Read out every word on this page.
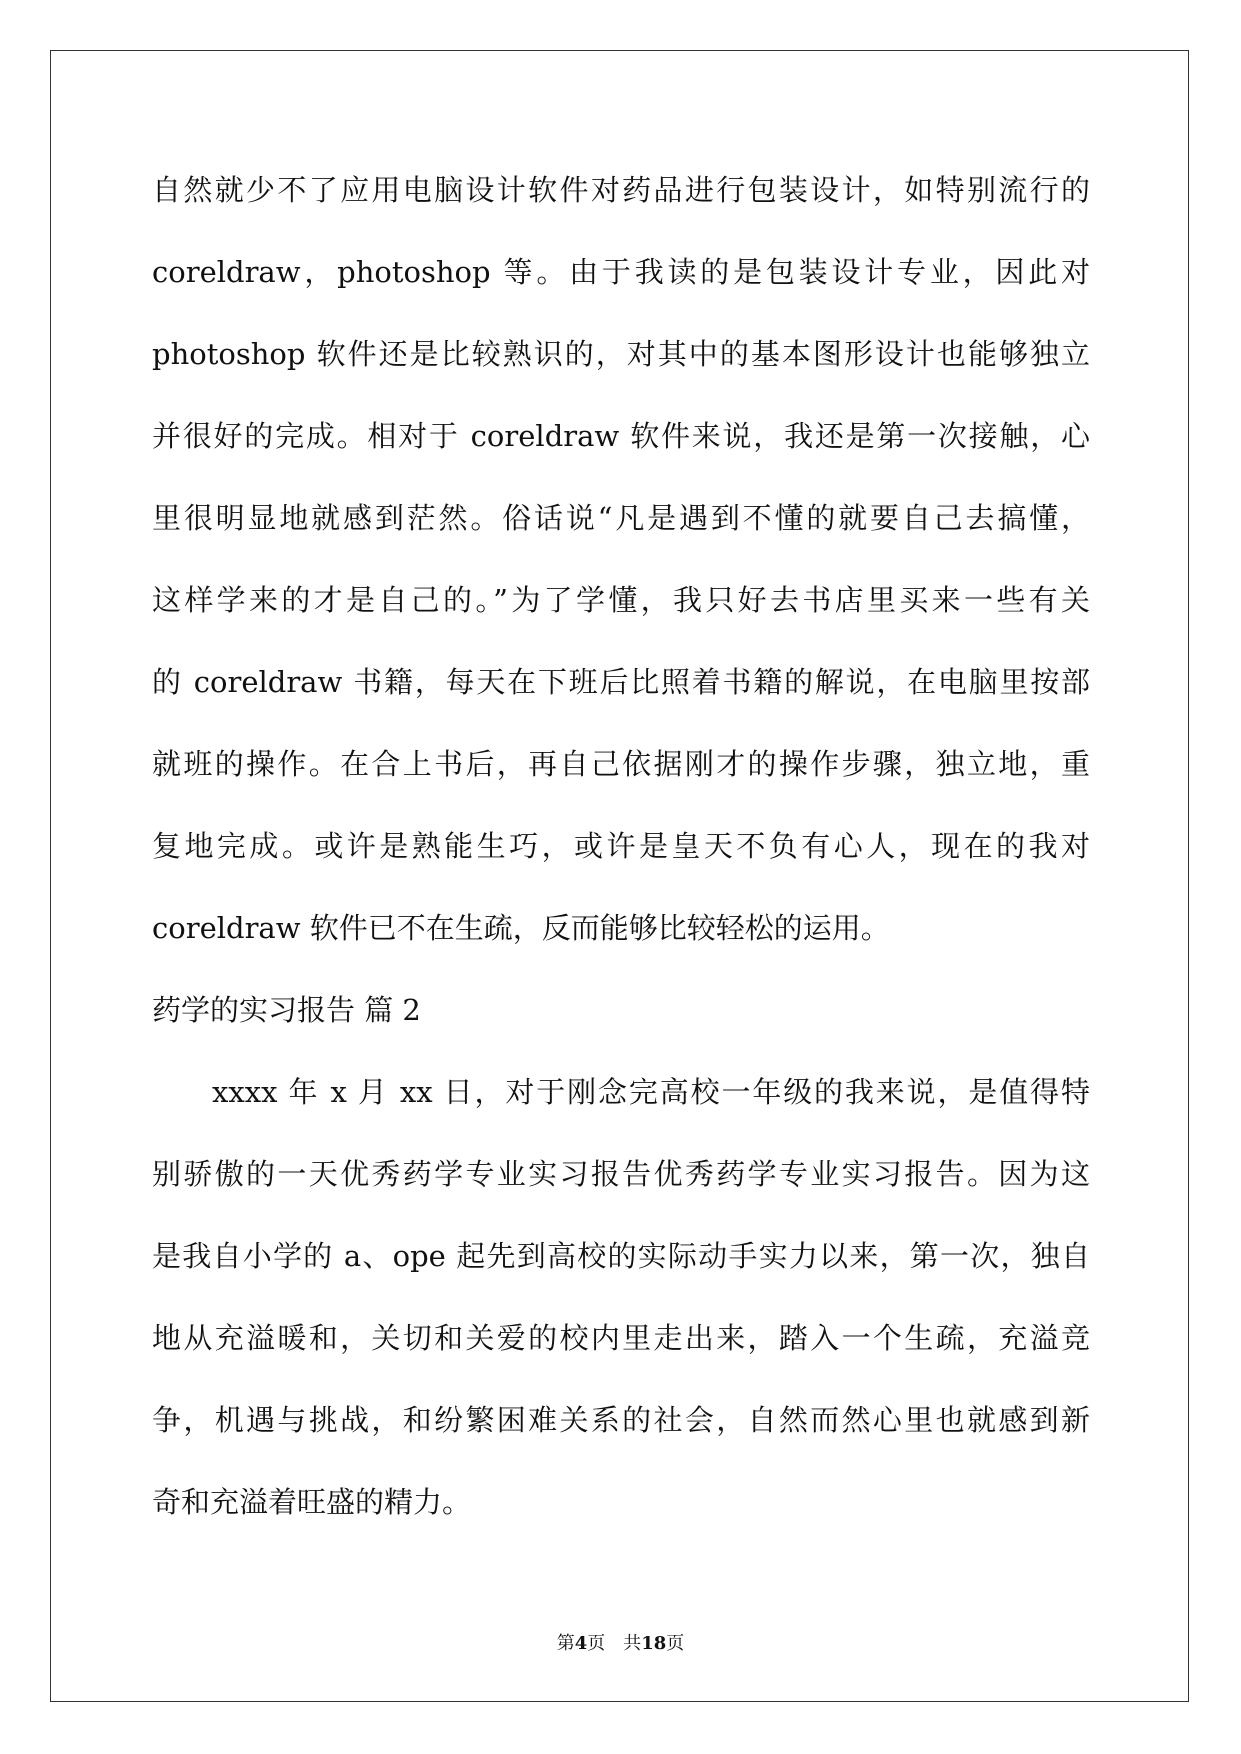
自然就少不了应用电脑设计软件对药品进行包装设计，如特别流行的
coreldraw，photoshop 等。由于我读的是包装设计专业，因此对
photoshop 软件还是比较熟识的，对其中的基本图形设计也能够独立
并很好的完成。相对于 coreldraw 软件来说，我还是第一次接触，心
里很明显地就感到茫然。俗话说“凡是遇到不懂的就要自己去搞懂，
这样学来的才是自己的。”为了学懂，我只好去书店里买来一些有关
的 coreldraw 书籍，每天在下班后比照着书籍的解说，在电脑里按部
就班的操作。在合上书后，再自己依据刚才的操作步骤，独立地，重
复地完成。或许是熟能生巧，或许是皇天不负有心人，现在的我对
coreldraw 软件已不在生疏，反而能够比较轻松的运用。
药学的实习报告 篇 2
xxxx 年 x 月 xx 日，对于刚念完高校一年级的我来说，是值得特
别骄傲的一天优秀药学专业实习报告优秀药学专业实习报告。因为这
是我自小学的 a、ope 起先到高校的实际动手实力以来，第一次，独自
地从充溢暖和，关切和关爱的校内里走出来，踏入一个生疏，充溢竞
争，机遇与挑战，和纷繁困难关系的社会，自然而然心里也就感到新
奇和充溢着旺盛的精力。
第4页　共18页
